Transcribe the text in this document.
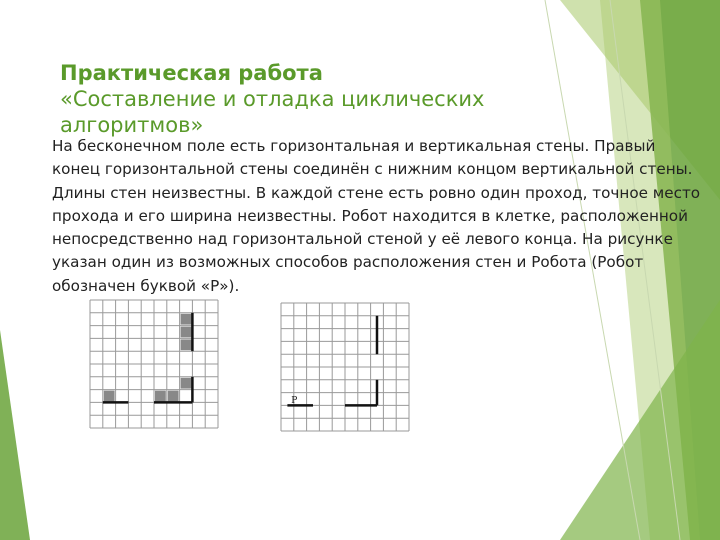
Практическая работа

«Составление и отладка циклических алгоритмов»

Р

На бесконечном поле есть горизонтальная и вертикальная стены. Правый конец горизонтальной стены соединён с нижним концом вертикальной стены. Длины стен неизвестны. В каждой стене есть ровно один проход, точное место прохода и его ширина неизвестны. Робот находится в клетке, расположенной непосредственно над горизонтальной стеной у её левого конца. На рисунке указан один из возможных способов расположения стен и Робота (Робот обозначен буквой «Р»).
